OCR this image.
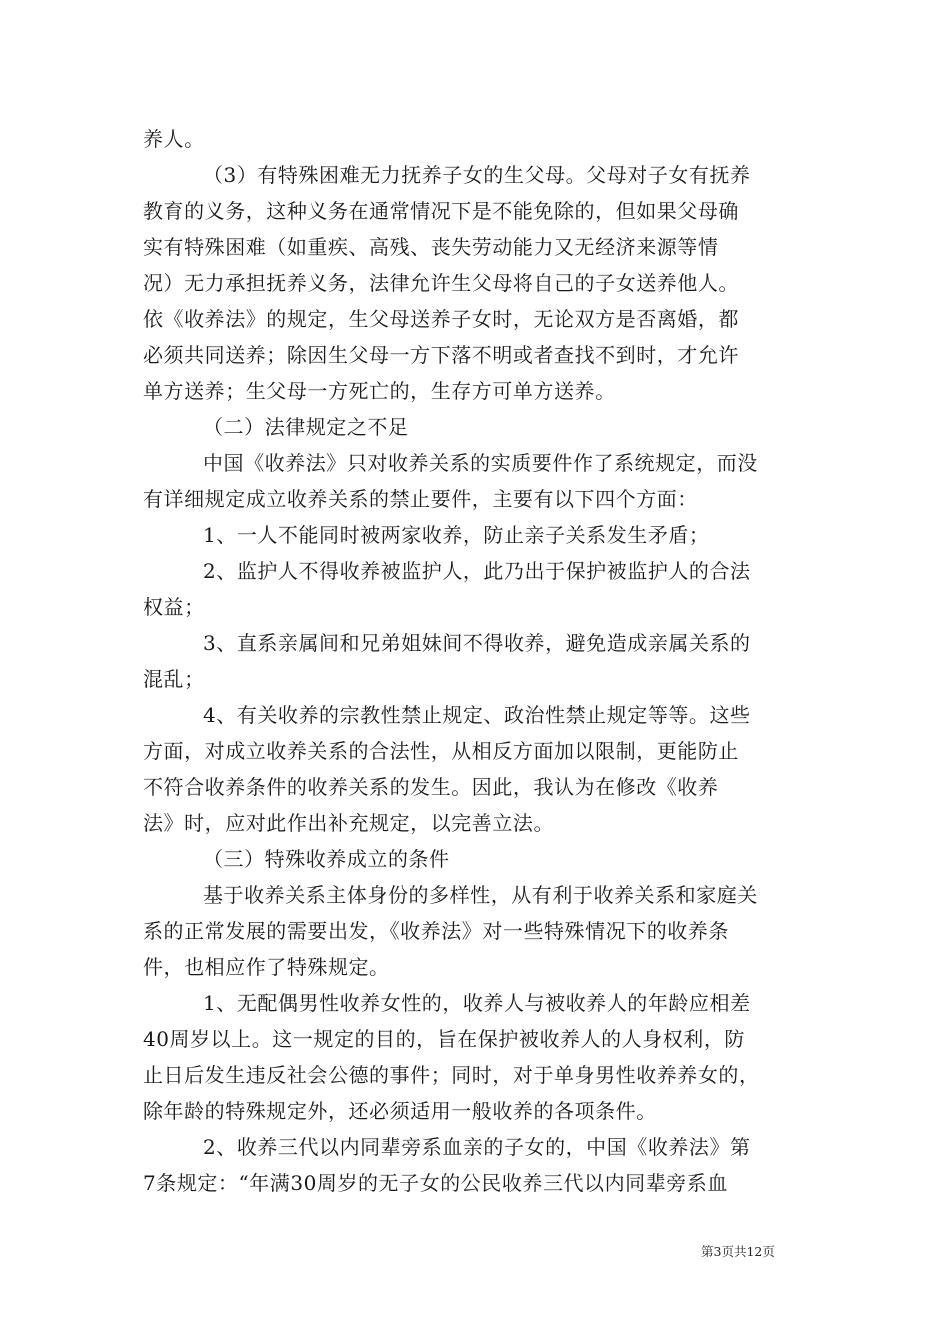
养人。
（3）有特殊困难无力抚养子女的生父母。父母对子女有抚养
教育的义务，这种义务在通常情况下是不能免除的，但如果父母确
实有特殊困难（如重疾、高残、丧失劳动能力又无经济来源等情
况）无力承担抚养义务，法律允许生父母将自己的子女送养他人。
依《收养法》的规定，生父母送养子女时，无论双方是否离婚，都
必须共同送养；除因生父母一方下落不明或者查找不到时，才允许
单方送养；生父母一方死亡的，生存方可单方送养。
（二）法律规定之不足
中国《收养法》只对收养关系的实质要件作了系统规定，而没
有详细规定成立收养关系的禁止要件，主要有以下四个方面：
1、一人不能同时被两家收养，防止亲子关系发生矛盾；
2、监护人不得收养被监护人，此乃出于保护被监护人的合法
权益；
3、直系亲属间和兄弟姐妹间不得收养，避免造成亲属关系的
混乱；
4、有关收养的宗教性禁止规定、政治性禁止规定等等。这些
方面，对成立收养关系的合法性，从相反方面加以限制，更能防止
不符合收养条件的收养关系的发生。因此，我认为在修改《收养
法》时，应对此作出补充规定，以完善立法。
（三）特殊收养成立的条件
基于收养关系主体身份的多样性，从有利于收养关系和家庭关
系的正常发展的需要出发，《收养法》对一些特殊情况下的收养条
件，也相应作了特殊规定。
1、无配偶男性收养女性的，收养人与被收养人的年龄应相差
40周岁以上。这一规定的目的，旨在保护被收养人的人身权利，防
止日后发生违反社会公德的事件；同时，对于单身男性收养养女的，
除年龄的特殊规定外，还必须适用一般收养的各项条件。
2、收养三代以内同辈旁系血亲的子女的，中国《收养法》第
7条规定：“年满30周岁的无子女的公民收养三代以内同辈旁系血
第3页共12页
